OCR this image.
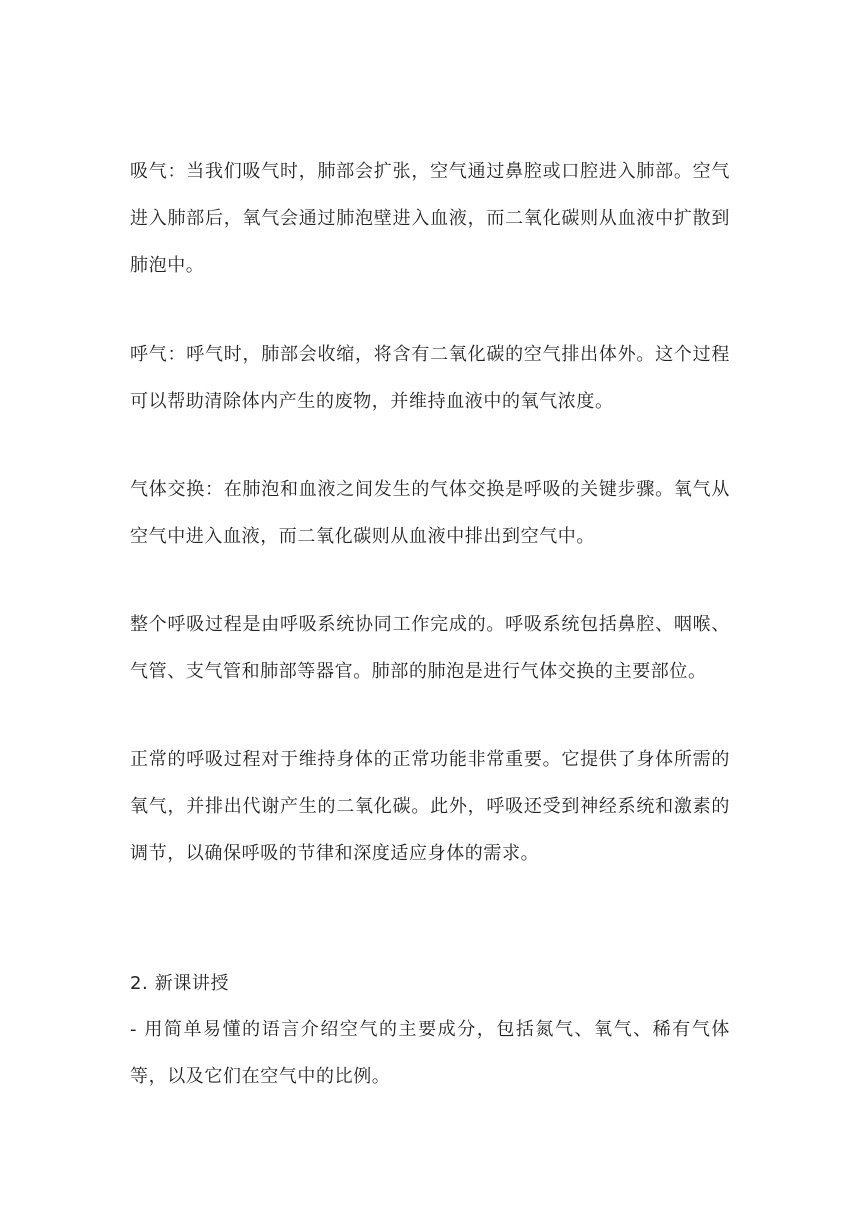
吸气：当我们吸气时，肺部会扩张，空气通过鼻腔或口腔进入肺部。空气进入肺部后，氧气会通过肺泡壁进入血液，而二氧化碳则从血液中扩散到肺泡中。

呼气：呼气时，肺部会收缩，将含有二氧化碳的空气排出体外。这个过程可以帮助清除体内产生的废物，并维持血液中的氧气浓度。

气体交换：在肺泡和血液之间发生的气体交换是呼吸的关键步骤。氧气从空气中进入血液，而二氧化碳则从血液中排出到空气中。

整个呼吸过程是由呼吸系统协同工作完成的。呼吸系统包括鼻腔、咽喉、气管、支气管和肺部等器官。肺部的肺泡是进行气体交换的主要部位。

正常的呼吸过程对于维持身体的正常功能非常重要。它提供了身体所需的氧气，并排出代谢产生的二氧化碳。此外，呼吸还受到神经系统和激素的调节，以确保呼吸的节律和深度适应身体的需求。

2. 新课讲授

- 用简单易懂的语言介绍空气的主要成分，包括氮气、氧气、稀有气体等，以及它们在空气中的比例。
